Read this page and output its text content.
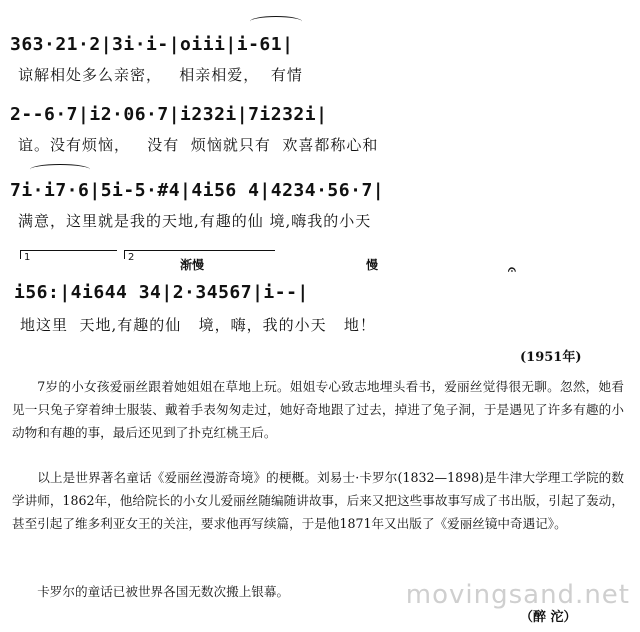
363·21·2|3i·i-|oiii|i-61|
谅解相处多么亲密，   相亲相爱，  有情
2--6·7|i2·06·7|i232i|7i232i|
谊。没有烦恼，   没有  烦恼就只有  欢喜都称心和
7i·i7·6|5i-5·#4|4i56 4|4234·56·7|
满意，这里就是我的天地,有趣的仙 境,嗨我的小天
1	2
渐慢	慢	𝄐
i56:|4i644 34|2·34567|i--|
地这里  天地,有趣的仙   境，嗨，我的小天   地！
(1951年)
7岁的小女孩爱丽丝跟着她姐姐在草地上玩。姐姐专心致志地埋头看书，爱丽丝觉得很无聊。忽然，她看见一只兔子穿着绅士服装、戴着手表匆匆走过，她好奇地跟了过去，掉进了兔子洞，于是遇见了许多有趣的小动物和有趣的事，最后还见到了扑克红桃王后。
以上是世界著名童话《爱丽丝漫游奇境》的梗概。刘易士·卡罗尔(1832—1898)是牛津大学理工学院的数学讲师，1862年，他给院长的小女儿爱丽丝随编随讲故事，后来又把这些事故事写成了书出版，引起了轰动，甚至引起了维多利亚女王的关注，要求他再写续篇，于是他1871年又出版了《爱丽丝镜中奇遇记》。
卡罗尔的童话已被世界各国无数次搬上银幕。
（醉 沱）
movingsand.net
